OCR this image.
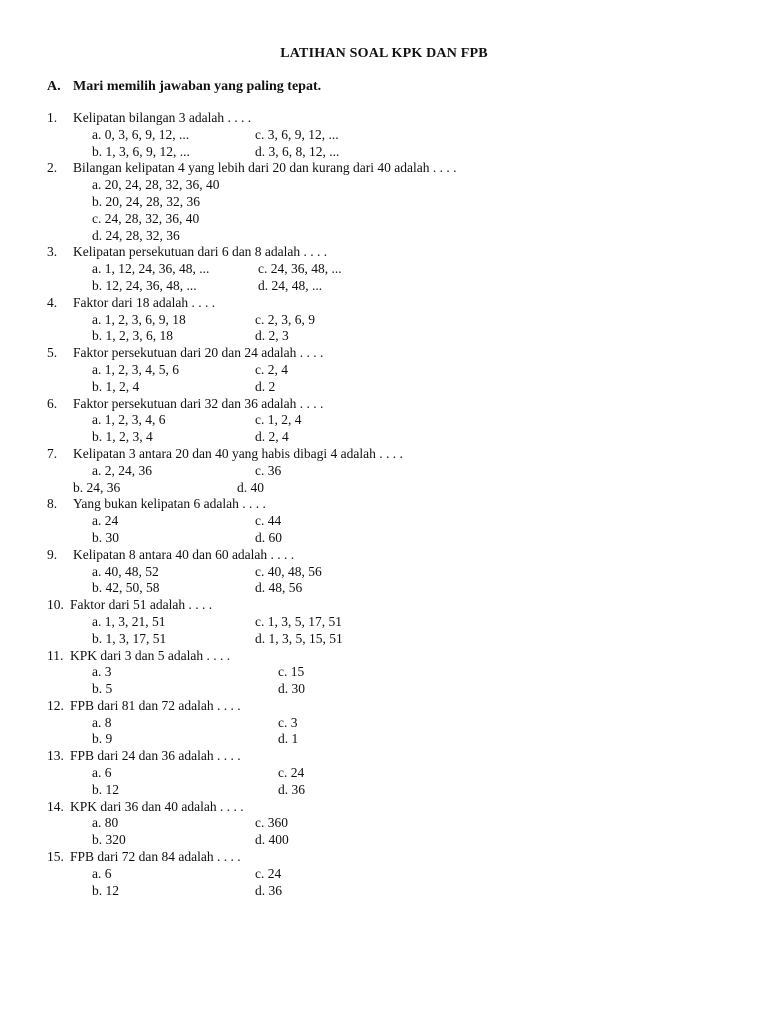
LATIHAN SOAL KPK DAN FPB
A. Mari memilih jawaban yang paling tepat.
1. Kelipatan bilangan 3 adalah . . . .
a. 0, 3, 6, 9, 12, ...	c. 3, 6, 9, 12, ...
b. 1, 3, 6, 9, 12, ...	d. 3, 6, 8, 12, ...
2. Bilangan kelipatan 4 yang lebih dari 20 dan kurang dari 40 adalah . . . .
a. 20, 24, 28, 32, 36, 40
b. 20, 24, 28, 32, 36
c. 24, 28, 32, 36, 40
d. 24, 28, 32, 36
3. Kelipatan persekutuan dari 6 dan 8 adalah . . . .
a. 1, 12, 24, 36, 48, ...	c. 24, 36, 48, ...
b. 12, 24, 36, 48, ...	d. 24, 48, ...
4. Faktor dari 18 adalah . . . .
a. 1, 2, 3, 6, 9, 18	c. 2, 3, 6, 9
b. 1, 2, 3, 6, 18	d. 2, 3
5. Faktor persekutuan dari 20 dan 24 adalah . . . .
a. 1, 2, 3, 4, 5, 6	c. 2, 4
b. 1, 2, 4	d. 2
6. Faktor persekutuan dari 32 dan 36 adalah . . . .
a. 1, 2, 3, 4, 6	c. 1, 2, 4
b. 1, 2, 3, 4	d. 2, 4
7. Kelipatan 3 antara 20 dan 40 yang habis dibagi 4 adalah . . . .
a. 2, 24, 36	c. 36
b. 24, 36	d. 40
8. Yang bukan kelipatan 6 adalah . . . .
a. 24	c. 44
b. 30	d. 60
9. Kelipatan 8 antara 40 dan 60 adalah . . . .
a. 40, 48, 52	c. 40, 48, 56
b. 42, 50, 58	d. 48, 56
10. Faktor dari 51 adalah . . . .
a. 1, 3, 21, 51	c. 1, 3, 5, 17, 51
b. 1, 3, 17, 51	d. 1, 3, 5, 15, 51
11. KPK dari 3 dan 5 adalah . . . .
a. 3	c. 15
b. 5	d. 30
12. FPB dari 81 dan 72 adalah . . . .
a. 8	c. 3
b. 9	d. 1
13. FPB dari 24 dan 36 adalah . . . .
a. 6	c. 24
b. 12	d. 36
14. KPK dari 36 dan 40 adalah . . . .
a. 80	c. 360
b. 320	d. 400
15. FPB dari 72 dan 84 adalah . . . .
a. 6	c. 24
b. 12	d. 36
